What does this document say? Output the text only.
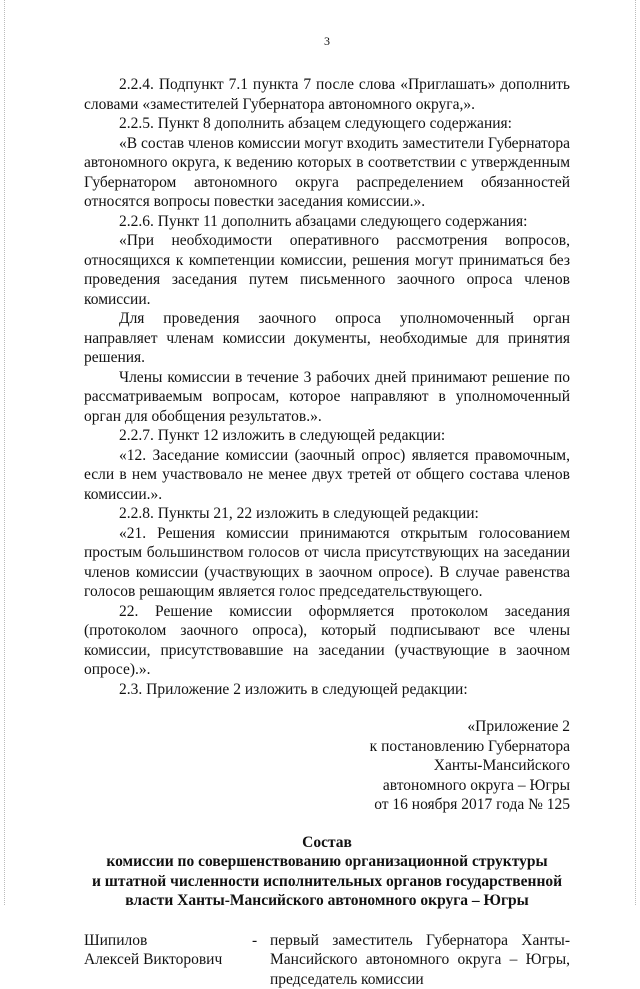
3

2.2.4. Подпункт 7.1 пункта 7 после слова «Приглашать» дополнить словами «заместителей Губернатора автономного округа,».

2.2.5. Пункт 8 дополнить абзацем следующего содержания:

«В состав членов комиссии могут входить заместители Губернатора автономного округа, к ведению которых в соответствии с утвержденным Губернатором автономного округа распределением обязанностей относятся вопросы повестки заседания комиссии.».

2.2.6. Пункт 11 дополнить абзацами следующего содержания:

«При необходимости оперативного рассмотрения вопросов, относящихся к компетенции комиссии, решения могут приниматься без проведения заседания путем письменного заочного опроса членов комиссии.

Для проведения заочного опроса уполномоченный орган направляет членам комиссии документы, необходимые для принятия решения.

Члены комиссии в течение 3 рабочих дней принимают решение по рассматриваемым вопросам, которое направляют в уполномоченный орган для обобщения результатов.».

2.2.7. Пункт 12 изложить в следующей редакции:

«12. Заседание комиссии (заочный опрос) является правомочным, если в нем участвовало не менее двух третей от общего состава членов комиссии.».

2.2.8. Пункты 21, 22 изложить в следующей редакции:

«21. Решения комиссии принимаются открытым голосованием простым большинством голосов от числа присутствующих на заседании членов комиссии (участвующих в заочном опросе). В случае равенства голосов решающим является голос председательствующего.

22. Решение комиссии оформляется протоколом заседания (протоколом заочного опроса), который подписывают все члены комиссии, присутствовавшие на заседании (участвующие в заочном опросе).».

2.3. Приложение 2 изложить в следующей редакции:

«Приложение 2
к постановлению Губернатора
Ханты-Мансийского
автономного округа – Югры
от 16 ноября 2017 года № 125
Состав
комиссии по совершенствованию организационной структуры
и штатной численности исполнительных органов государственной
власти Ханты-Мансийского автономного округа – Югры
Шипилов
Алексей Викторович
- первый заместитель Губернатора Ханты-Мансийского автономного округа – Югры, председатель комиссии
